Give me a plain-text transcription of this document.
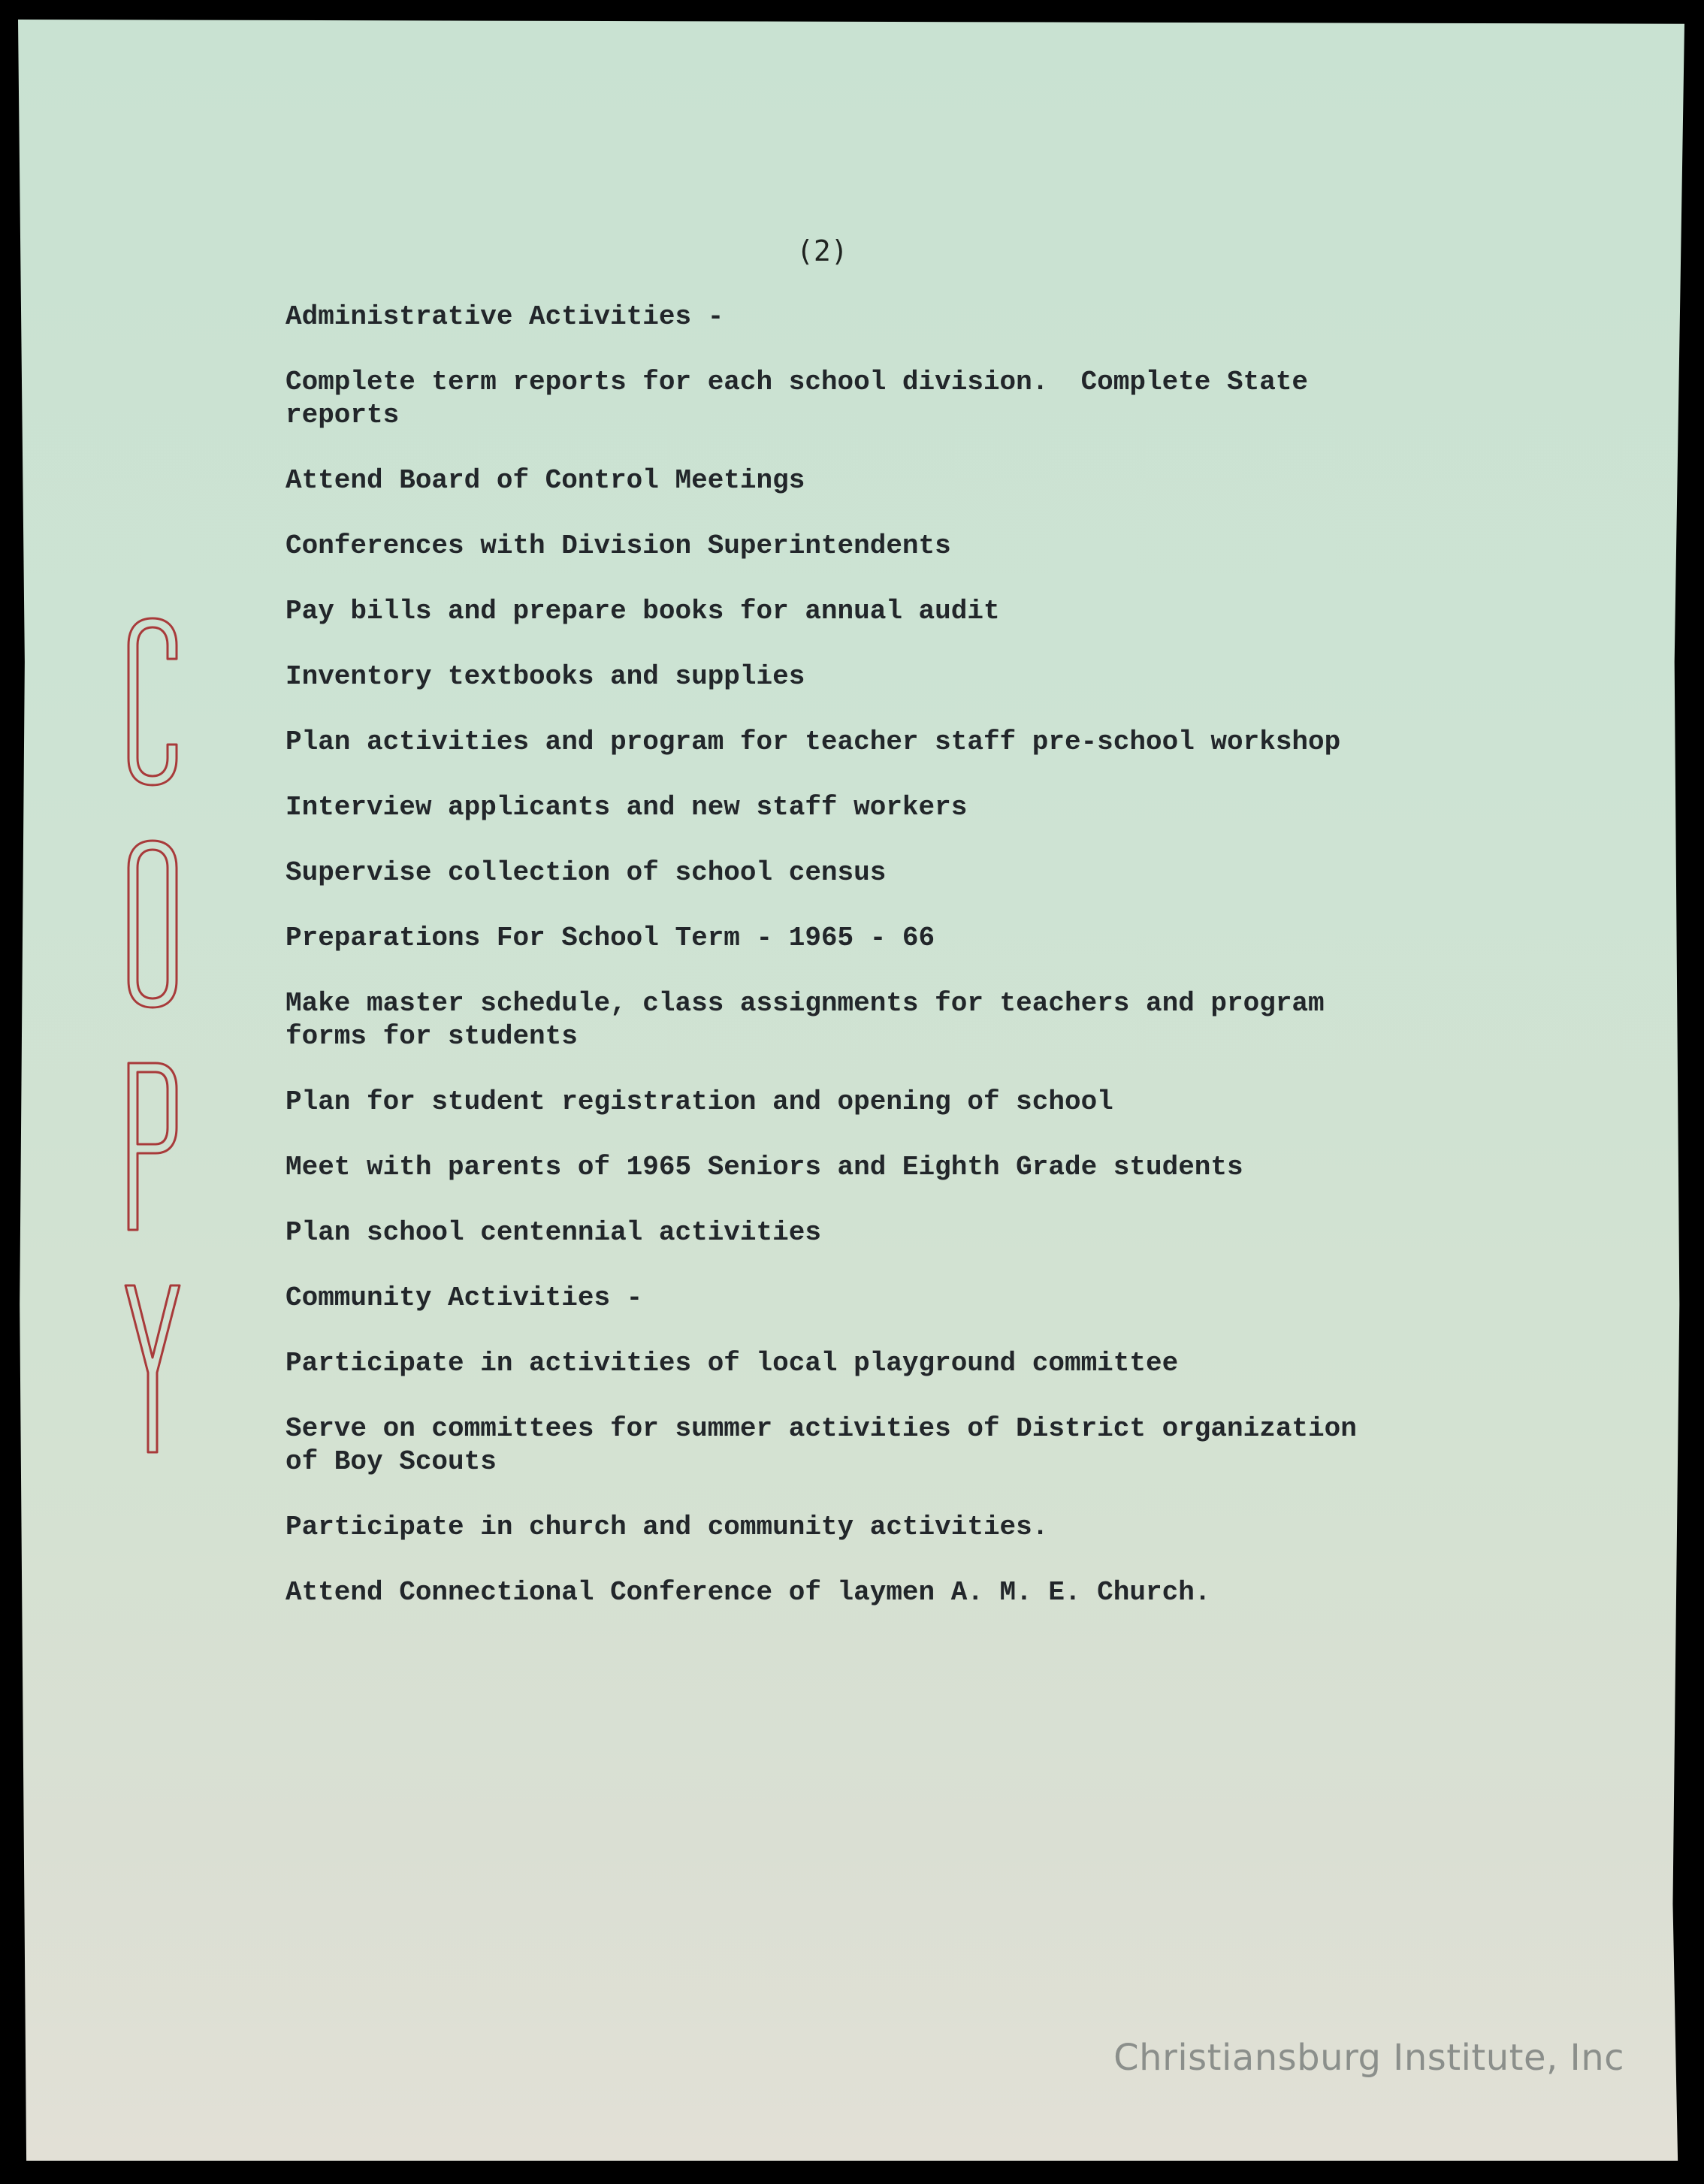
(2)

Administrative Activities -

Complete term reports for each school division.  Complete State
reports

Attend Board of Control Meetings

Conferences with Division Superintendents

Pay bills and prepare books for annual audit

Inventory textbooks and supplies

Plan activities and program for teacher staff pre-school workshop

Interview applicants and new staff workers

Supervise collection of school census

Preparations For School Term - 1965 - 66

Make master schedule, class assignments for teachers and program
forms for students

Plan for student registration and opening of school

Meet with parents of 1965 Seniors and Eighth Grade students

Plan school centennial activities

Community Activities -

Participate in activities of local playground committee

Serve on committees for summer activities of District organization
of Boy Scouts

Participate in church and community activities.

Attend Connectional Conference of laymen A. M. E. Church.

Christiansburg Institute, Inc
